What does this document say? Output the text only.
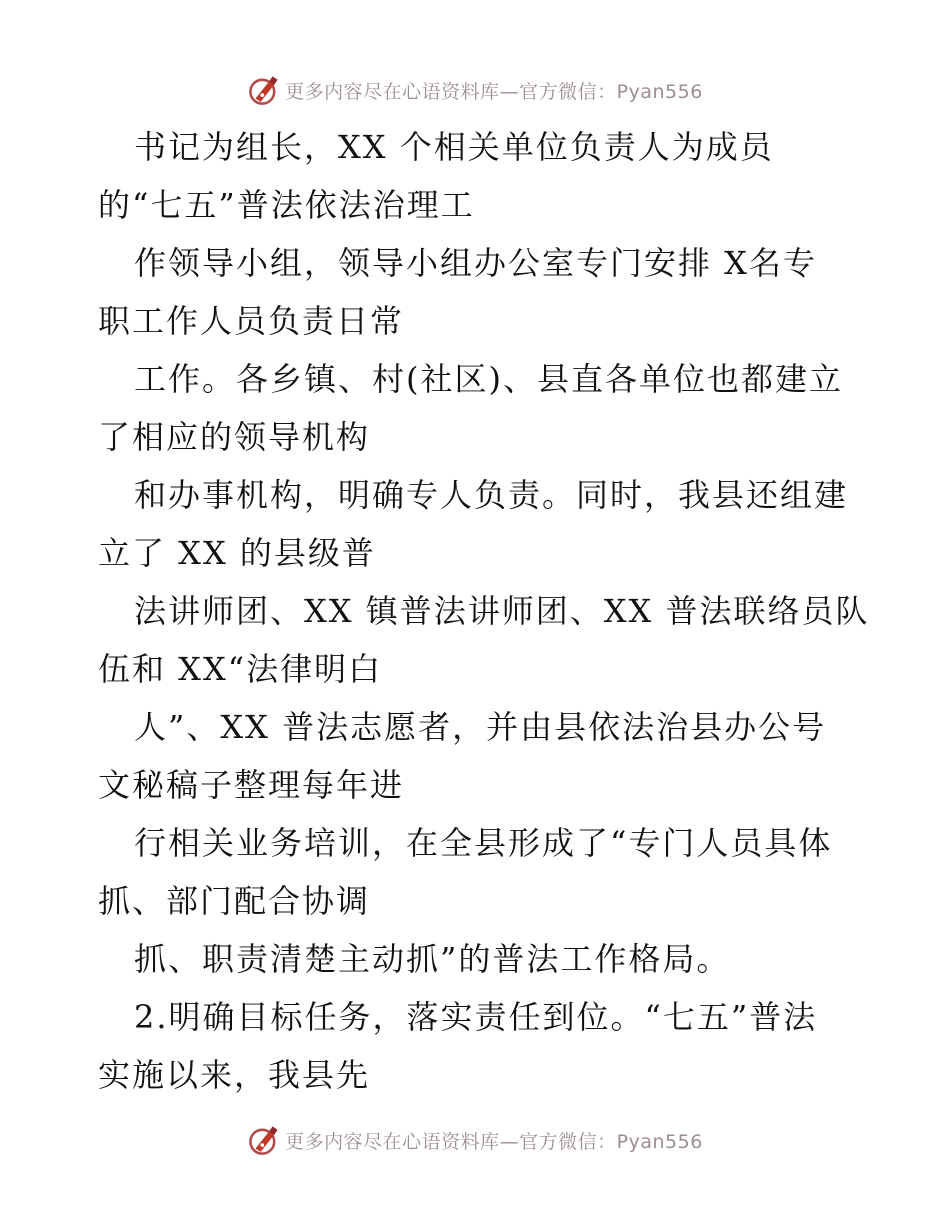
更多内容尽在心语资料库—官方微信：Pyan556
书记为组长，XX 个相关单位负责人为成员
的“七五”普法依法治理工
作领导小组，领导小组办公室专门安排 X名专
职工作人员负责日常
工作。各乡镇、村(社区)、县直各单位也都建立
了相应的领导机构
和办事机构，明确专人负责。同时，我县还组建
立了 XX 的县级普
法讲师团、XX 镇普法讲师团、XX 普法联络员队
伍和 XX“法律明白
人”、XX 普法志愿者，并由县依法治县办公号
文秘稿子整理每年进
行相关业务培训，在全县形成了“专门人员具体
抓、部门配合协调
抓、职责清楚主动抓”的普法工作格局。
2.明确目标任务，落实责任到位。“七五”普法
实施以来，我县先
更多内容尽在心语资料库—官方微信：Pyan556
